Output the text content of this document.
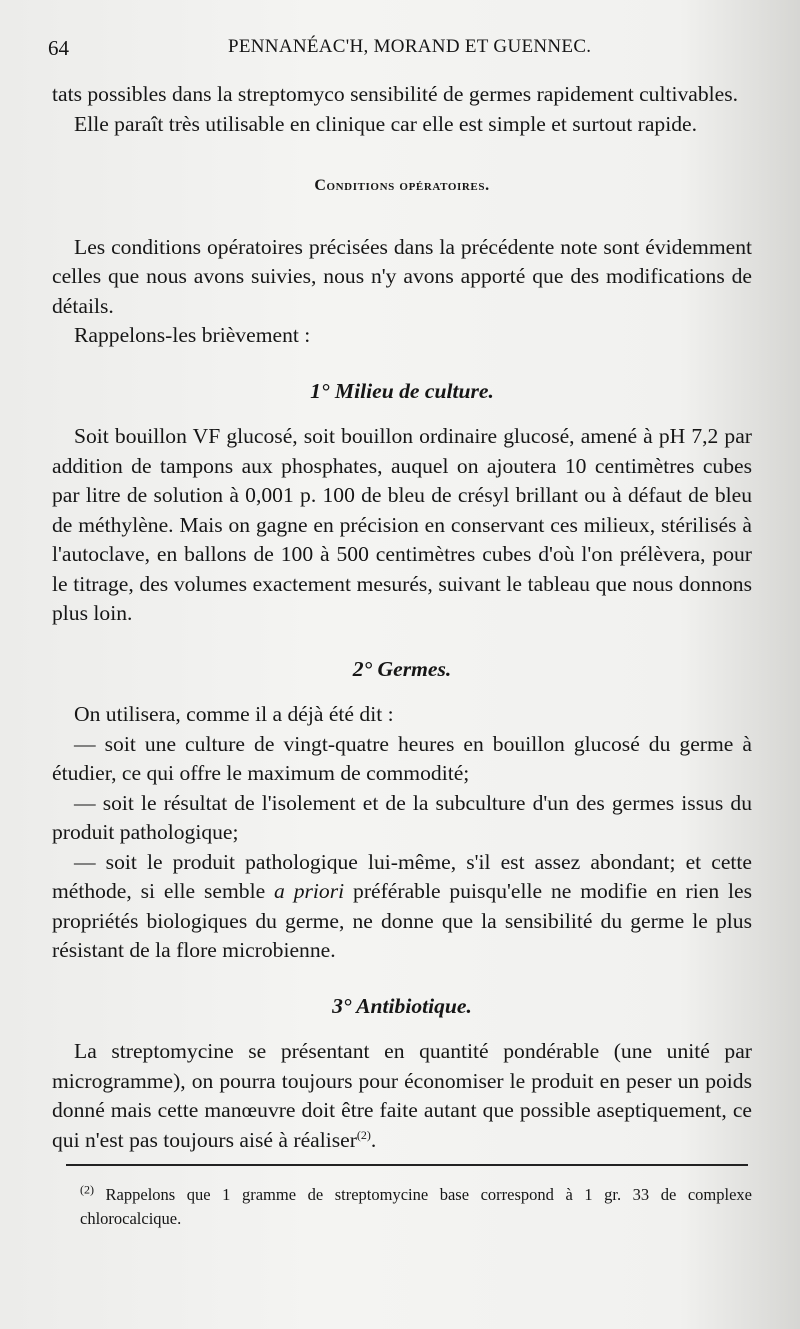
64	PENNANÉAC'H, MORAND ET GUENNEC.

tats possibles dans la streptomyco sensibilité de germes rapidement cultivables.

Elle paraît très utilisable en clinique car elle est simple et surtout rapide.

Conditions opératoires.

Les conditions opératoires précisées dans la précédente note sont évidemment celles que nous avons suivies, nous n'y avons apporté que des modifications de détails.

Rappelons-les brièvement :

1° Milieu de culture.

Soit bouillon VF glucosé, soit bouillon ordinaire glucosé, amené à pH 7,2 par addition de tampons aux phosphates, auquel on ajoutera 10 centimètres cubes par litre de solution à 0,001 p. 100 de bleu de crésyl brillant ou à défaut de bleu de méthylène. Mais on gagne en précision en conservant ces milieux, stérilisés à l'autoclave, en ballons de 100 à 500 centimètres cubes d'où l'on prélèvera, pour le titrage, des volumes exactement mesurés, suivant le tableau que nous donnons plus loin.

2° Germes.

On utilisera, comme il a déjà été dit :

— soit une culture de vingt-quatre heures en bouillon glucosé du germe à étudier, ce qui offre le maximum de commodité;

— soit le résultat de l'isolement et de la subculture d'un des germes issus du produit pathologique;

— soit le produit pathologique lui-même, s'il est assez abondant; et cette méthode, si elle semble a priori préférable puisqu'elle ne modifie en rien les propriétés biologiques du germe, ne donne que la sensibilité du germe le plus résistant de la flore microbienne.

3° Antibiotique.

La streptomycine se présentant en quantité pondérable (une unité par microgramme), on pourra toujours pour économiser le produit en peser un poids donné mais cette manœuvre doit être faite autant que possible aseptiquement, ce qui n'est pas toujours aisé à réaliser$^{(2)}$.

$^{(2)}$ Rappelons que 1 gramme de streptomycine base correspond à 1 gr. 33 de complexe chlorocalcique.
